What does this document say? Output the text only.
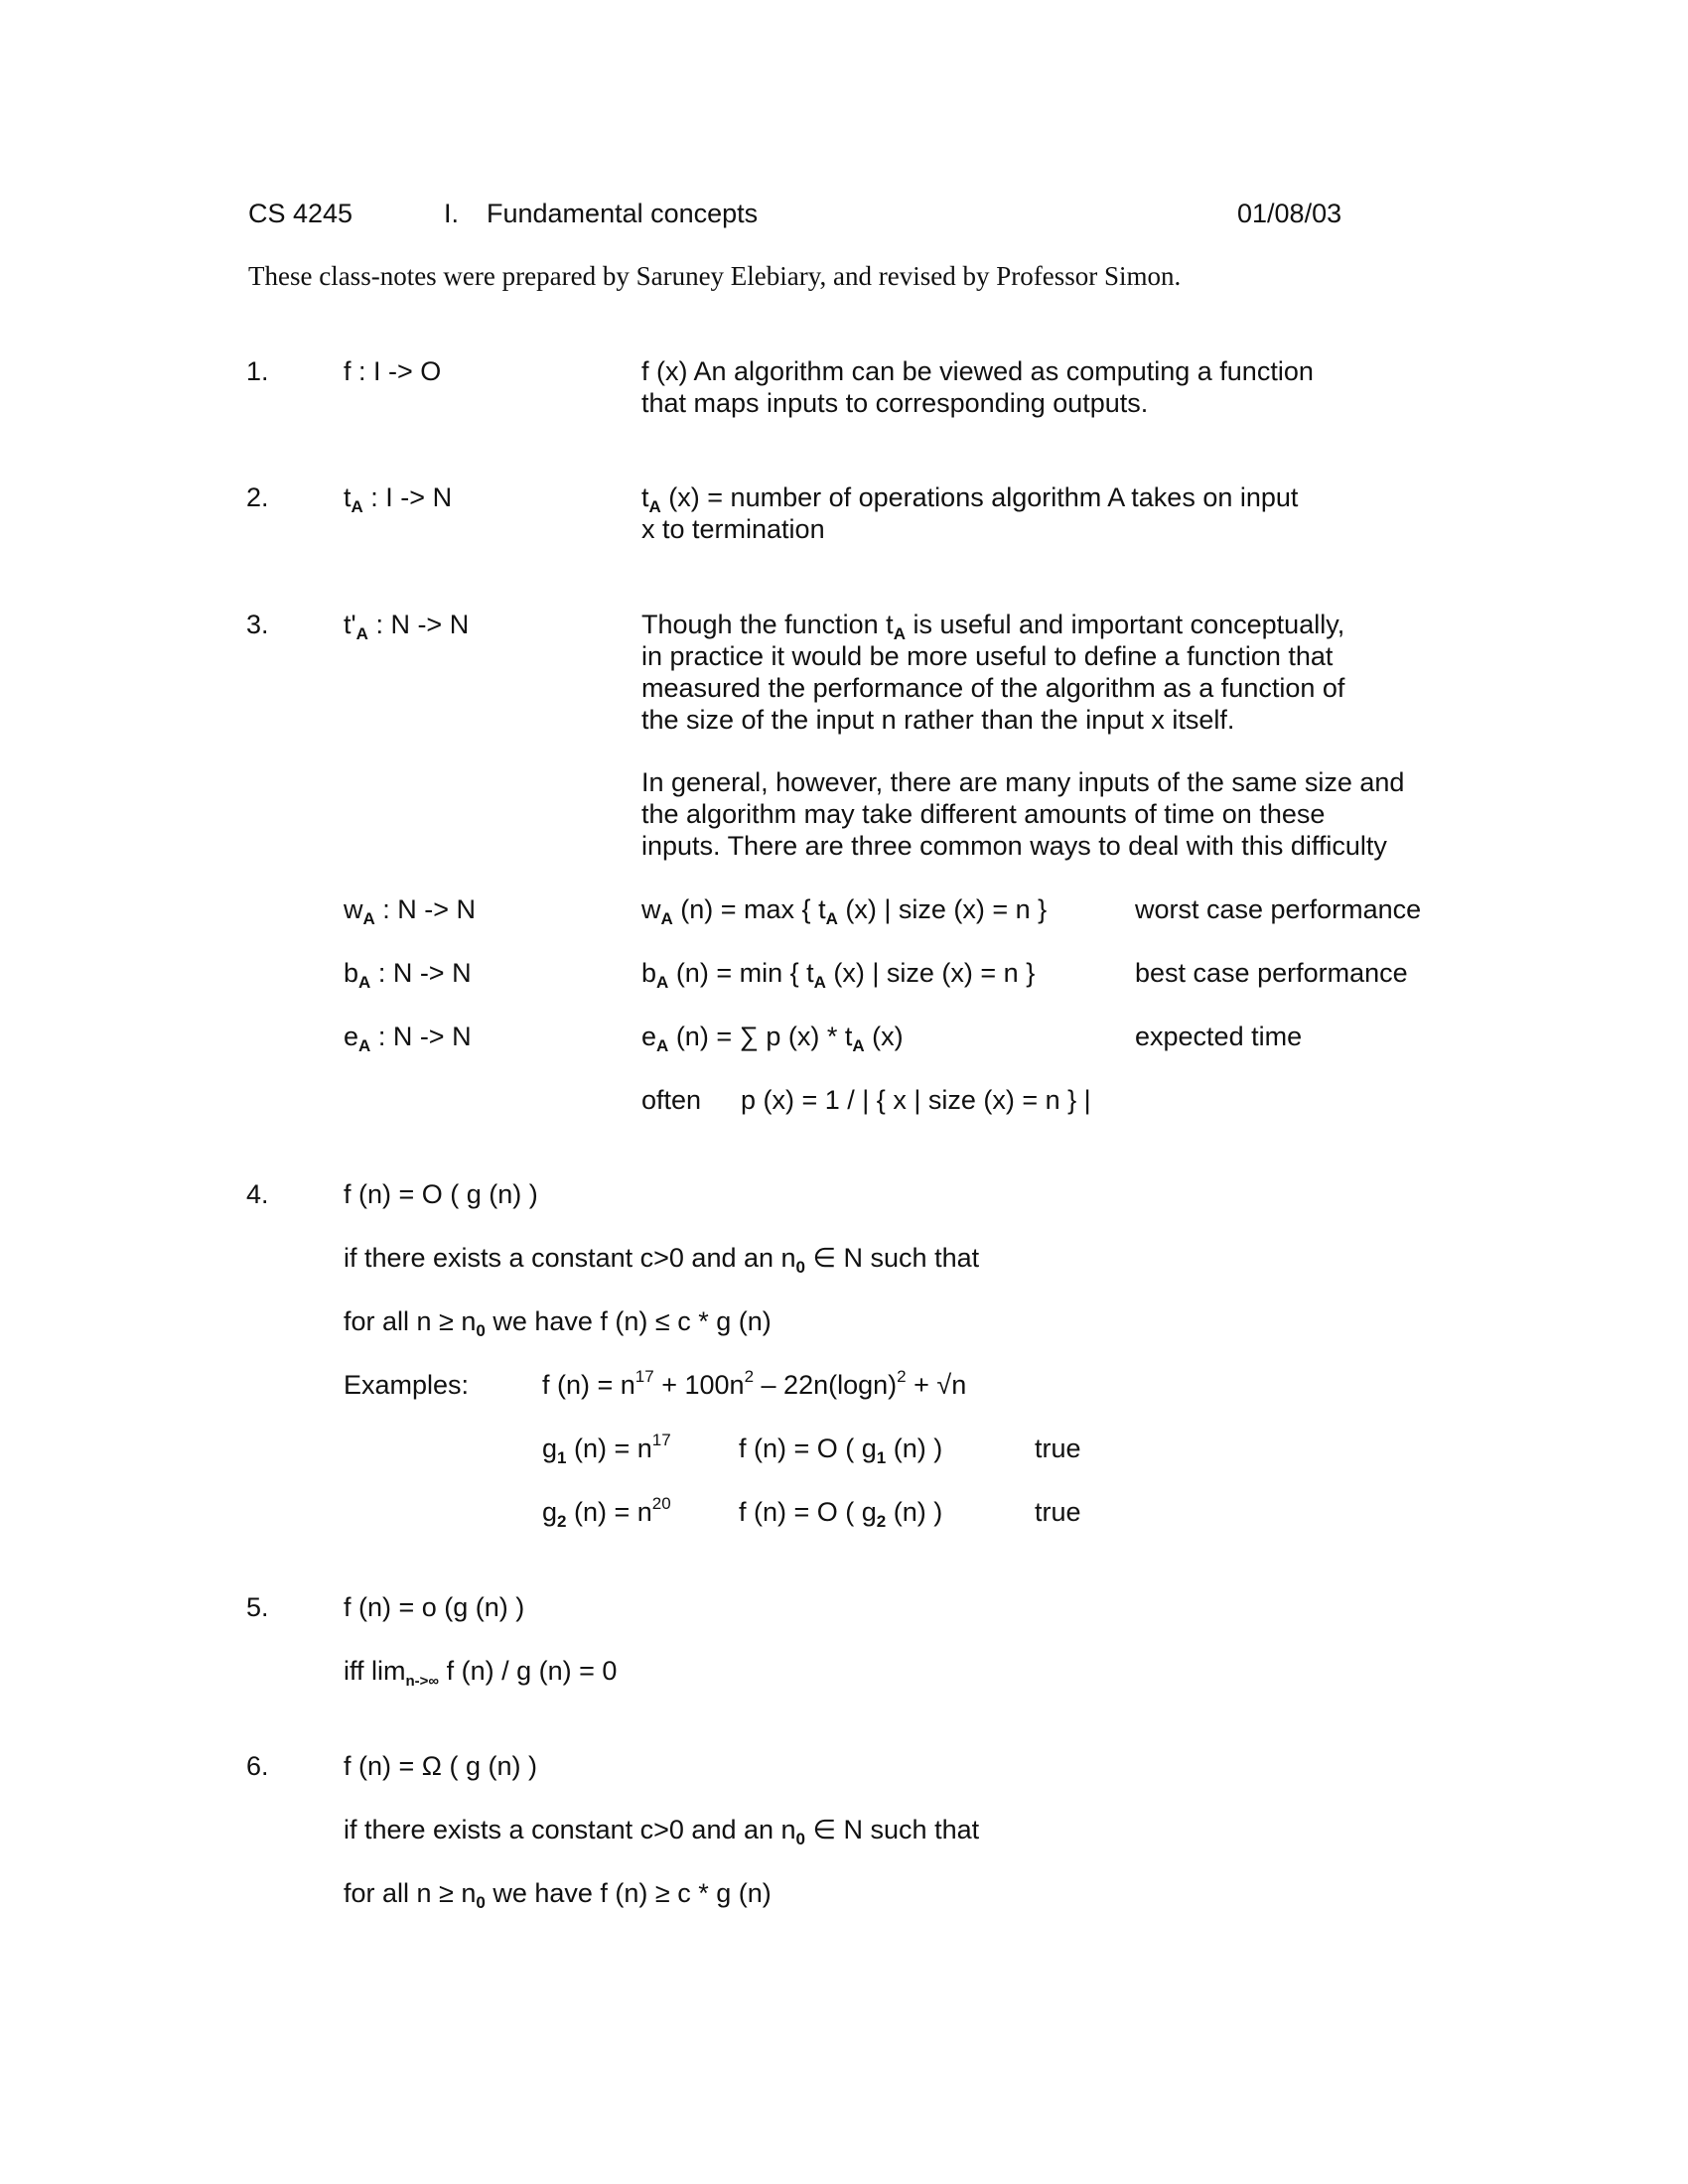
CS 4245	I. Fundamental concepts	01/08/03
These class-notes were prepared by Saruney Elebiary, and revised by Professor Simon.
1.	f : I -> O	f (x) An algorithm can be viewed as computing a function
that maps inputs to corresponding outputs.
2.	$t_A$ : I -> N	$t_A$ (x) = number of operations algorithm A takes on input
x to termination
3.	$t'_A$ : N -> N	Though the function $t_A$ is useful and important conceptually,
in practice it would be more useful to define a function that
measured the performance of the algorithm as a function of
the size of the input n rather than the input x itself.
In general, however, there are many inputs of the same size and
the algorithm may take different amounts of time on these
inputs. There are three common ways to deal with this difficulty
$w_A$ : N -> N	$w_A$ (n) = max { $t_A$ (x) | size (x) = n }	worst case performance
$b_A$ : N -> N	$b_A$ (n) = min { $t_A$ (x) | size (x) = n }	best case performance
$e_A$ : N -> N	$e_A$ (n) = ∑ p $(x) * t_A$ (x)	expected time
often p (x) = 1 / | { x | size (x) = n } |
4.	f (n) = O ( g (n) )
if there exists a constant c>0 and an $n_0$ ∈ N such that
for all $n \ge n_0$ we have f (n) ≤ c * g (n)
Examples:	f $(n) = n^{17} + 100n^2 - 22n(\log n)^2 + √n$
$g_1$ $(n) = n^{17}$	f (n) = O ( $g_1$ (n) )	true
$g_2$ $(n) = n^{20}$	f (n) = O ( $g_2$ (n) )	true
5.	f (n) = o (g (n) )
iff $\lim_{n->\infty} f$ (n) / g (n) = 0
6.	f (n) = Ω ( g (n) )
if there exists a constant c>0 and an $n_0$ ∈ N such that
for all $n \ge n_0$ we have f (n) ≥ c * g (n)
